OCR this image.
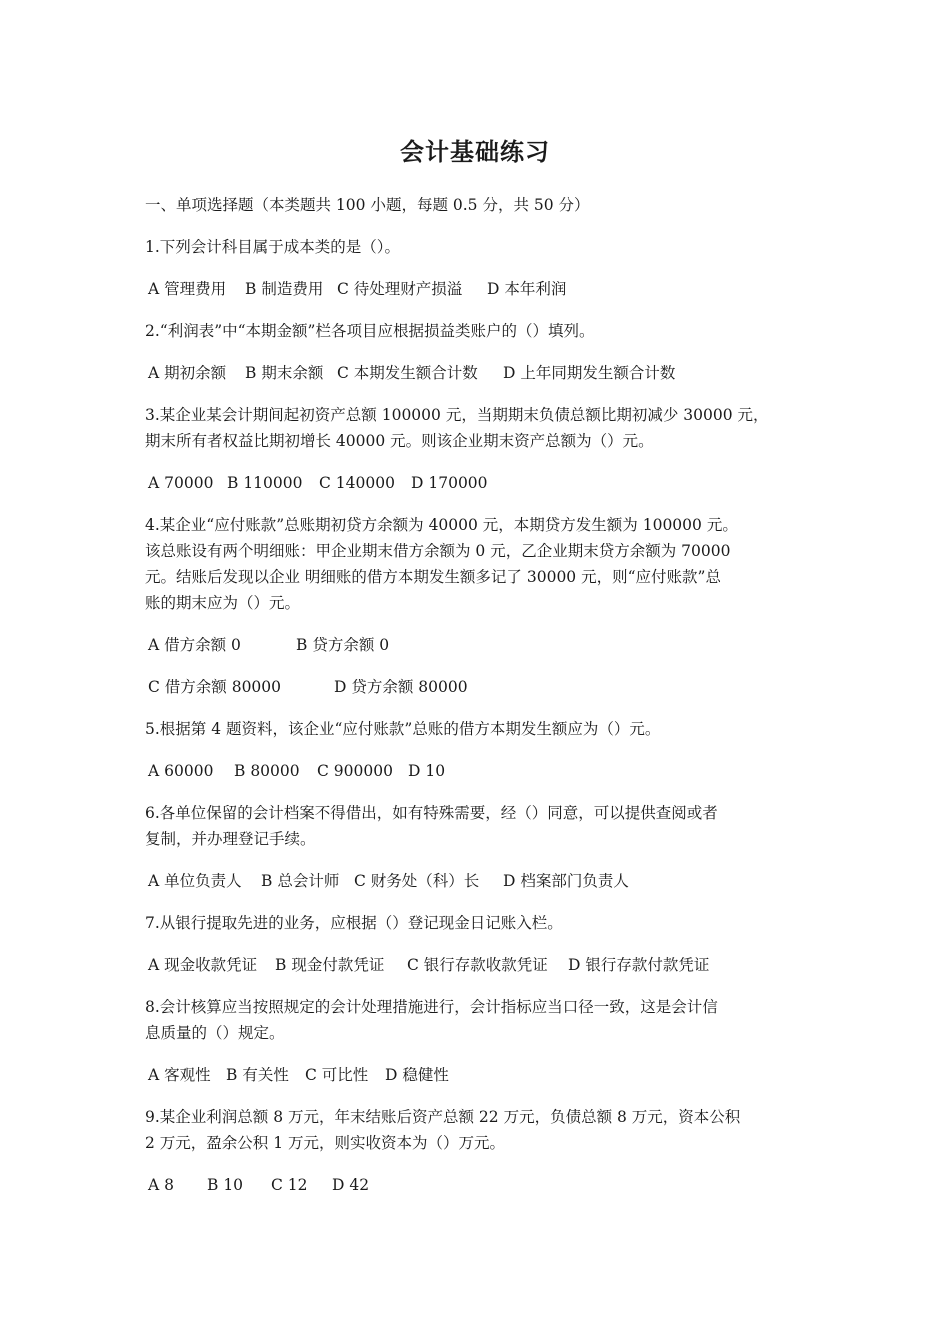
会计基础练习
一、单项选择题（本类题共 100 小题，每题 0.5 分，共 50 分）
1.下列会计科目属于成本类的是（）。
A 管理费用 B 制造费用 C 待处理财产损溢 D 本年利润
2.“利润表”中“本期金额”栏各项目应根据损益类账户的（）填列。
A 期初余额 B 期末余额 C 本期发生额合计数 D 上年同期发生额合计数
3.某企业某会计期间起初资产总额 100000 元，当期期末负债总额比期初减少 30000 元，
期末所有者权益比期初增长 40000 元。则该企业期末资产总额为（）元。
A 70000 B 110000 C 140000 D 170000
4.某企业“应付账款”总账期初贷方余额为 40000 元，本期贷方发生额为 100000 元。
该总账设有两个明细账：甲企业期末借方余额为 0 元，乙企业期末贷方余额为 70000
元。结账后发现以企业 明细账的借方本期发生额多记了 30000 元，则“应付账款”总
账的期末应为（）元。
A 借方余额 0	B 贷方余额 0
C 借方余额 80000	D 贷方余额 80000
5.根据第 4 题资料，该企业“应付账款”总账的借方本期发生额应为（）元。
A 60000 B 80000 C 900000 D 10
6.各单位保留的会计档案不得借出，如有特殊需要，经（）同意，可以提供查阅或者
复制，并办理登记手续。
A 单位负责人 B 总会计师 C 财务处（科）长 D 档案部门负责人
7.从银行提取先进的业务，应根据（）登记现金日记账入栏。
A 现金收款凭证 B 现金付款凭证 C 银行存款收款凭证 D 银行存款付款凭证
8.会计核算应当按照规定的会计处理措施进行，会计指标应当口径一致，这是会计信
息质量的（）规定。
A 客观性 B 有关性 C 可比性 D 稳健性
9.某企业利润总额 8 万元，年末结账后资产总额 22 万元，负债总额 8 万元，资本公积
2 万元，盈余公积 1 万元，则实收资本为（）万元。
A 8 B 10 C 12 D 42
